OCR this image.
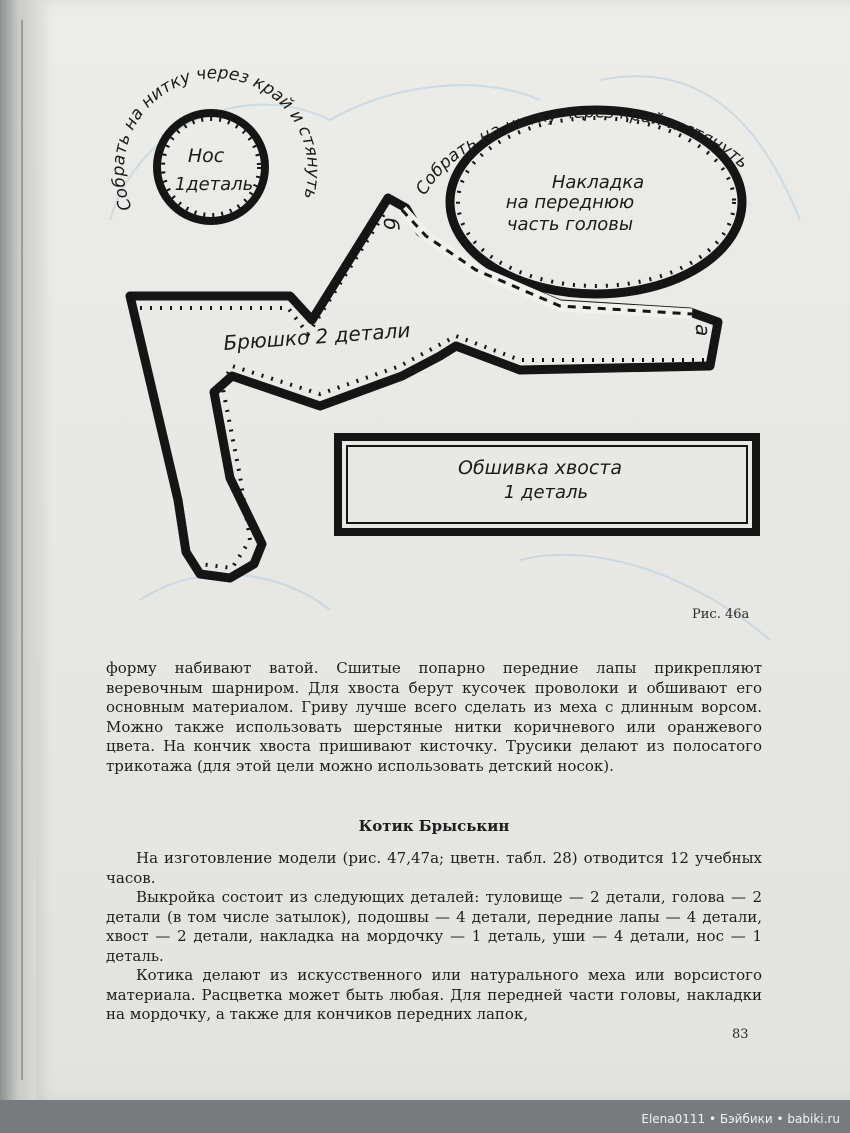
Нос
1деталь
Собрать на нитку через край и стянуть
Накладка
на переднюю
часть головы
Собрать на нитку через край и стянуть
Брюшко 2 детали
б
а
Обшивка хвоста
1 деталь
Рис. 46а

форму набивают ватой. Сшитые попарно передние лапы прикрепляют веревочным шарниром. Для хвоста берут кусочек проволоки и обшивают его основным материалом. Гриву лучше всего сделать из меха с длинным ворсом. Можно также использовать шерстяные нитки коричневого или оранжевого цвета. На кончик хвоста пришивают кисточку. Трусики делают из полосатого трикотажа (для этой цели можно использовать детский носок).

Котик Брыськин

На изготовление модели (рис. 47,47а; цветн. табл. 28) отводится 12 учебных часов.

Выкройка состоит из следующих деталей: туловище — 2 детали, голова — 2 детали (в том числе затылок), подошвы — 4 детали, передние лапы — 4 детали, хвост — 2 детали, накладка на мордочку — 1 деталь, уши — 4 детали, нос — 1 деталь.

Котика делают из искусственного или натурального меха или ворсистого материала. Расцветка может быть любая. Для передней части головы, накладки на мордочку, а также для кончиков передних лапок,

83
Elena0111 • Бэйбики • babiki.ru
